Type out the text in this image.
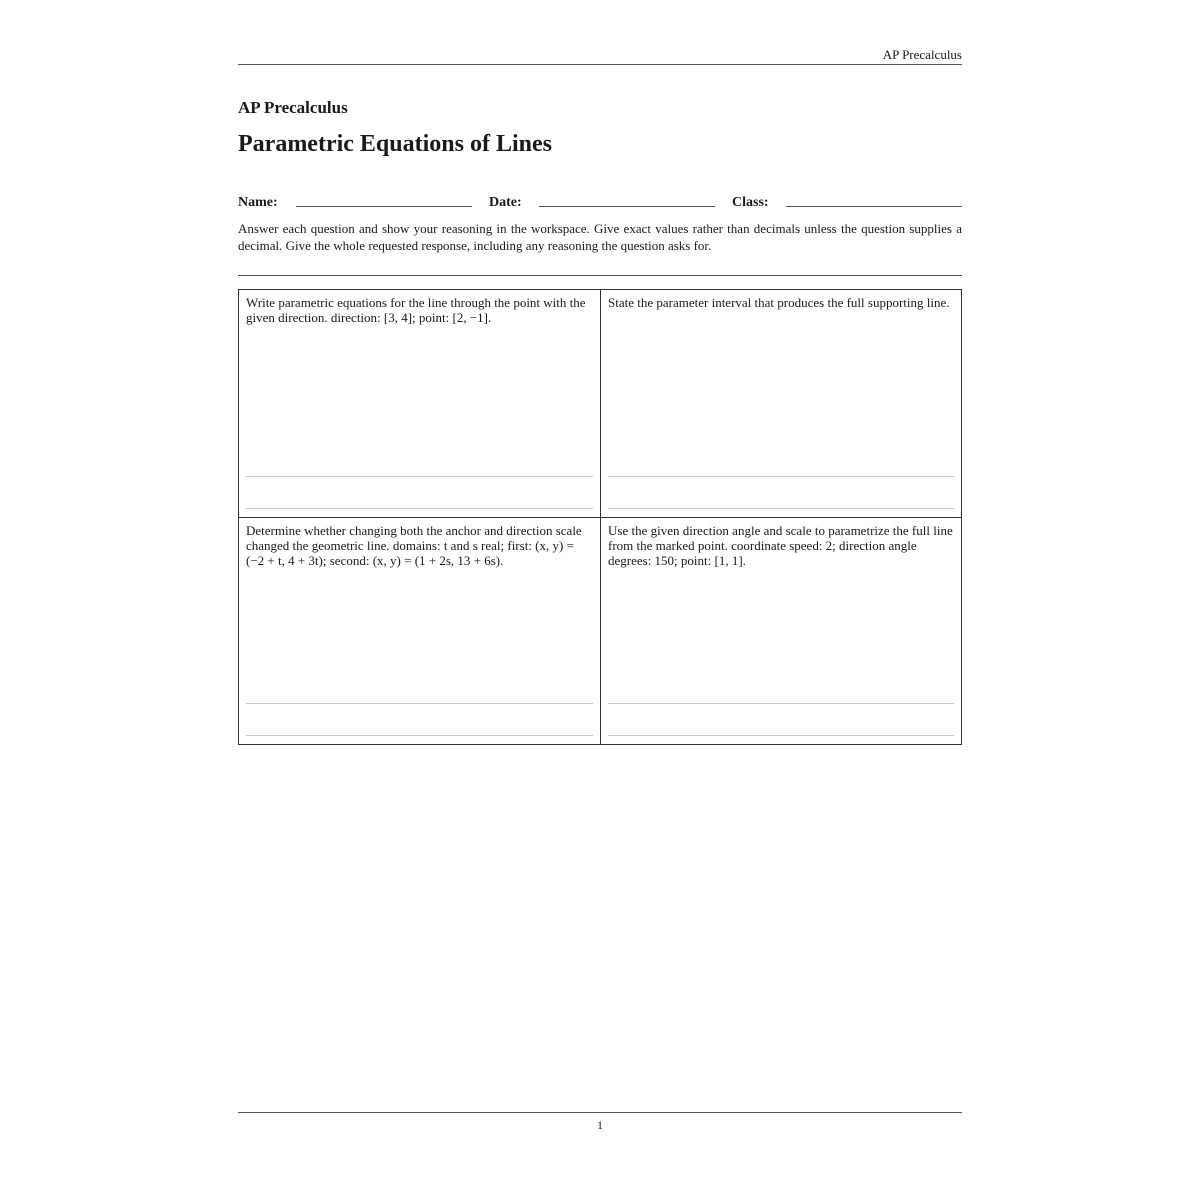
AP Precalculus
AP Precalculus
Parametric Equations of Lines
Name:	Date:	Class:
Answer each question and show your reasoning in the workspace. Give exact values rather than decimals unless the question supplies a decimal. Give the whole requested response, including any reasoning the question asks for.
Write parametric equations for the line through the point with the given direction. direction: [3, 4]; point: [2, −1].
State the parameter interval that produces the full supporting line.
Determine whether changing both the anchor and direction scale changed the geometric line. domains: t and s real; first: (x, y) = (−2 + t, 4 + 3t); second: (x, y) = (1 + 2s, 13 + 6s).
Use the given direction angle and scale to parametrize the full line from the marked point. coordinate speed: 2; direction angle degrees: 150; point: [1, 1].
1
